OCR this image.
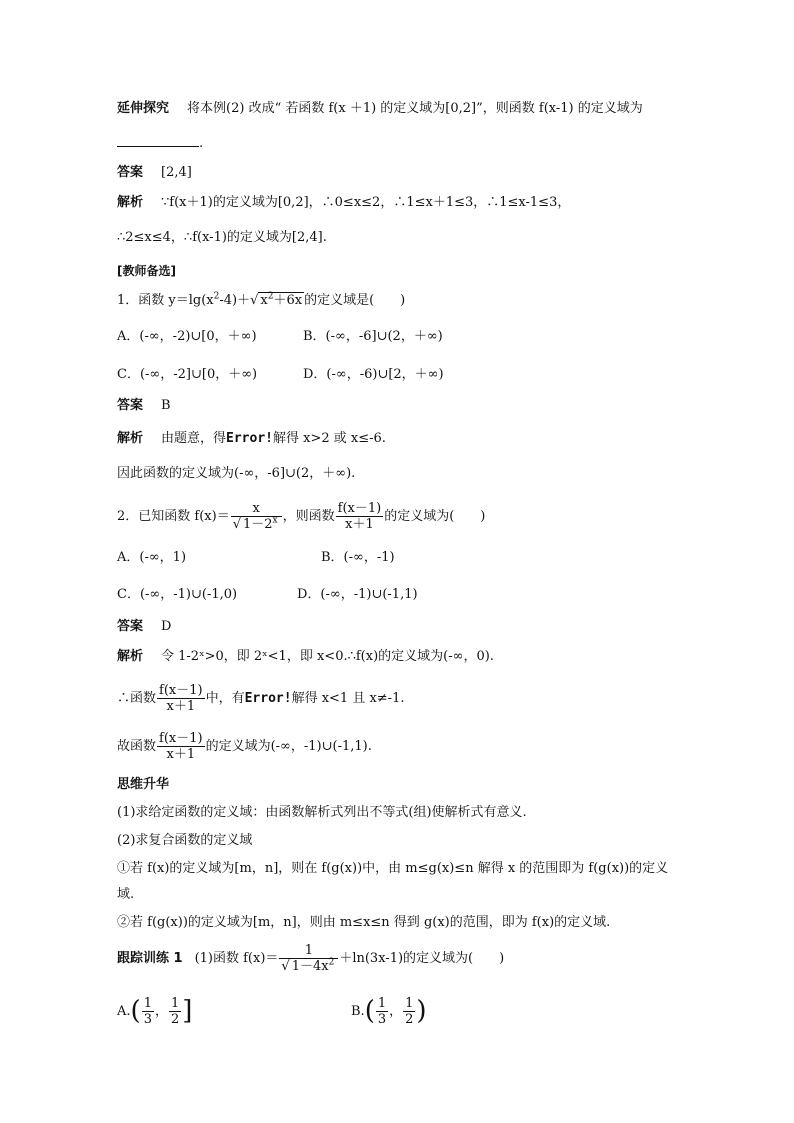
延伸探究 将本例(2) 改成“ 若函数 f(x ＋1) 的定义域为[0,2]”，则函数 f(x-1) 的定义域为
.
答案 [2,4]
解析 ∵f(x＋1)的定义域为[0,2]，∴0≤x≤2，∴1≤x＋1≤3，∴1≤x-1≤3，
∴2≤x≤4，∴f(x-1)的定义域为[2,4].
[教师备选]
1．函数 $y=\lg(x^2-4)+√$ $x^2+6x$ 的定义域是(　　)
A．(-∞，-2)∪[0，＋∞)	B．(-∞，-6]∪(2，＋∞)
C．(-∞，-2]∪[0，＋∞)	D．(-∞，-6)∪[2，＋∞)
答案 B
解析 由题意，得Error!解得 x>2 或 x≤-6.
因此函数的定义域为(-∞，-6]∪(2，＋∞).
2．已知函数 $f(x)= \frac{x}{√ 1-2^x}$ ，则函数 $\frac{f(x-1)}{x+1}$ 的定义域为(　　)
A．(-∞，1)	B．(-∞，-1)
C．(-∞，-1)∪(-1,0)	D．(-∞，-1)∪(-1,1)
答案 D
解析 令 1-2ˣ>0，即 2ˣ<1，即 x<0.∴f(x)的定义域为(-∞，0).
∴函数 $\frac{f(x-1)}{x+1}$ 中，有Error!解得 x<1 且 x≠-1.
故函数 $\frac{f(x-1)}{x+1}$ 的定义域为(-∞，-1)∪(-1,1).
思维升华
(1)求给定函数的定义域：由函数解析式列出不等式(组)使解析式有意义.
(2)求复合函数的定义域
①若 f(x)的定义域为[m，n]，则在 f(g(x))中，由 m≤g(x)≤n 解得 x 的范围即为 f(g(x))的定义
域.
②若 f(g(x))的定义域为[m，n]，则由 m≤x≤n 得到 g(x)的范围，即为 f(x)的定义域.
跟踪训练 1 (1)函数 $f(x)= \frac{1}{√ 1-4x^2} +\ln(3x-1)$的定义域为(　　)
$A.( \frac{1}{3}$ ， $\frac{1}{2}$ ]	$B.( \frac{1}{3}$ ， $\frac{1}{2}$ )
